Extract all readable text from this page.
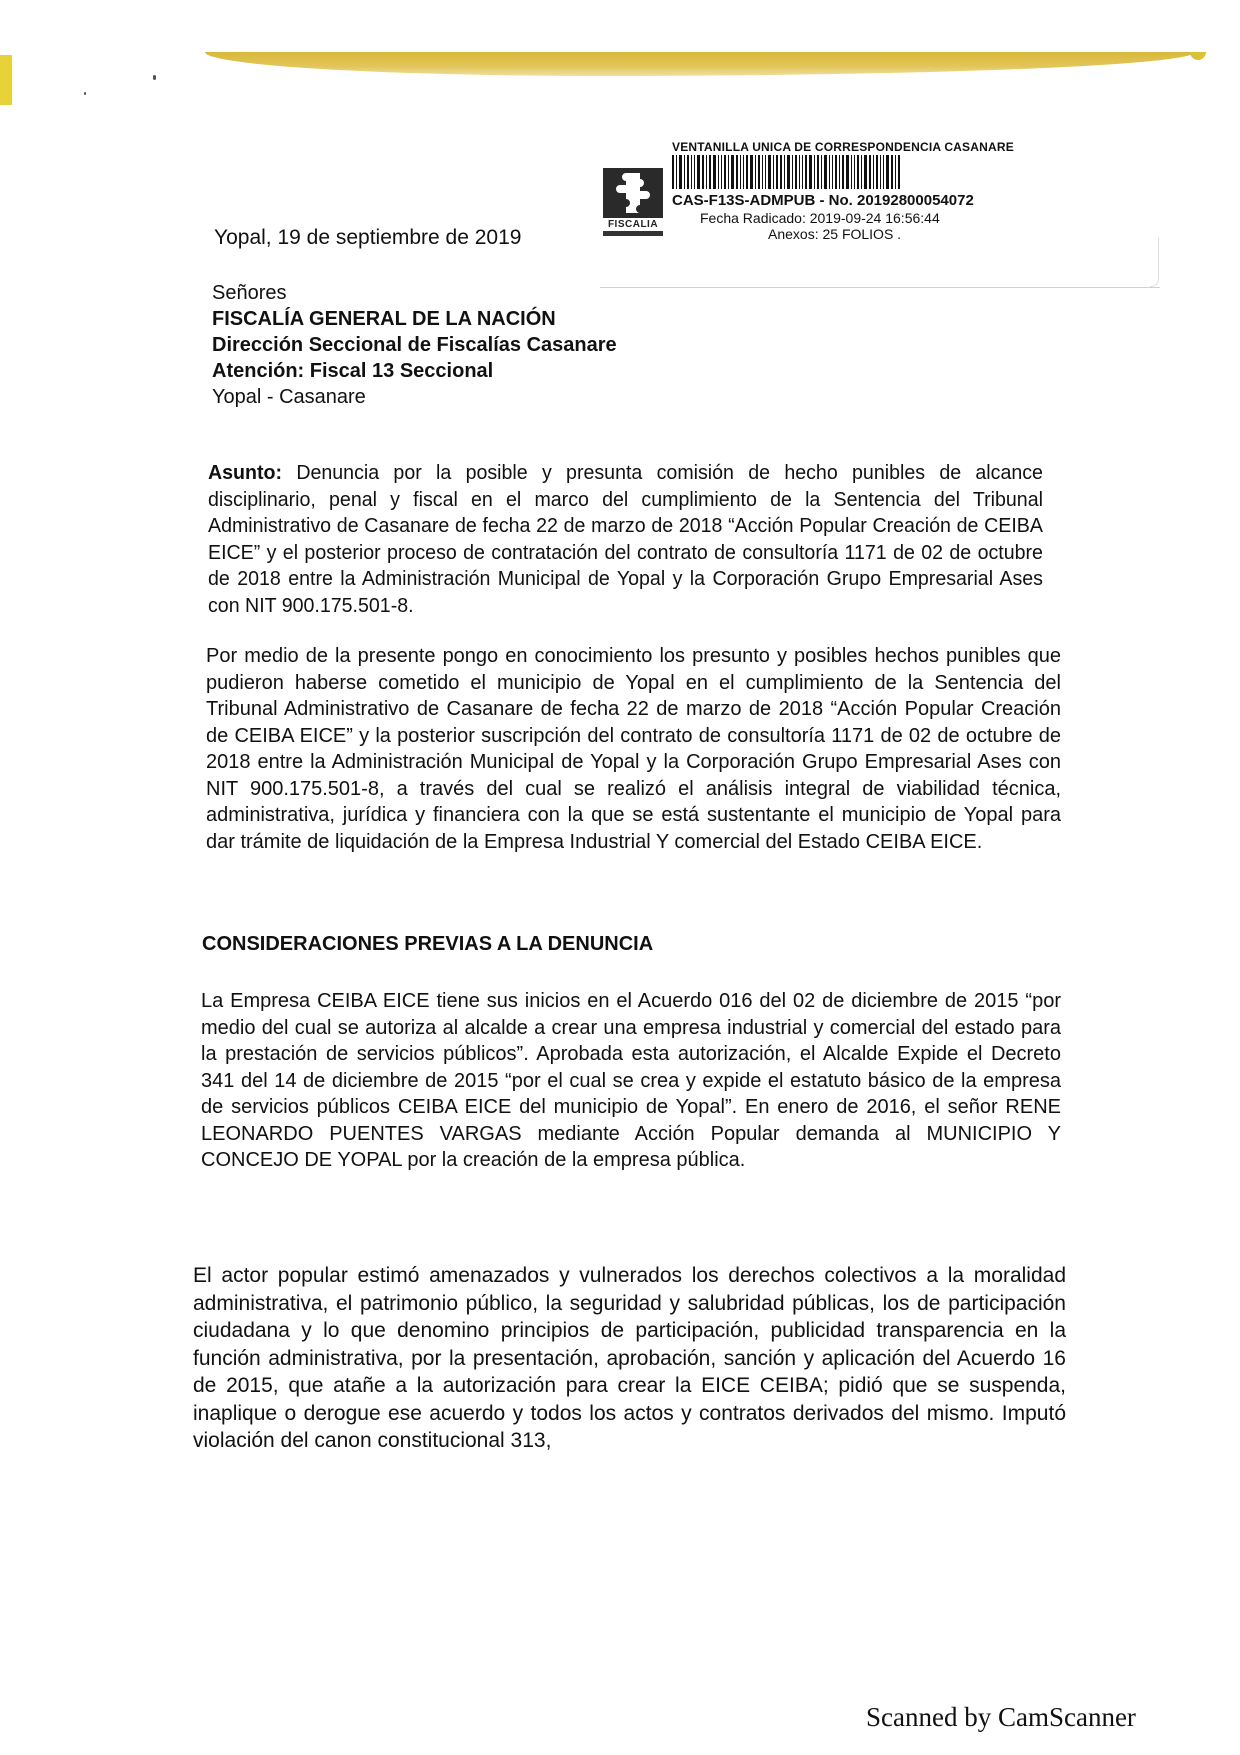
FISCALIA
VENTANILLA UNICA DE CORRESPONDENCIA CASANARE
CAS-F13S-ADMPUB - No. 20192800054072
Fecha Radicado: 2019-09-24 16:56:44
Anexos: 25 FOLIOS .
Yopal, 19 de septiembre de 2019
Señores
FISCALÍA GENERAL DE LA NACIÓN
Dirección Seccional de Fiscalías Casanare
Atención: Fiscal 13 Seccional
Yopal - Casanare
Asunto: Denuncia por la posible y presunta comisión de hecho punibles de alcance disciplinario, penal y fiscal en el marco del cumplimiento de la Sentencia del Tribunal Administrativo de Casanare de fecha 22 de marzo de 2018 “Acción Popular Creación de CEIBA EICE” y el posterior proceso de contratación del contrato de consultoría 1171 de 02 de octubre de 2018 entre la Administración Municipal de Yopal y la Corporación Grupo Empresarial Ases con NIT 900.175.501-8.
Por medio de la presente pongo en conocimiento los presunto y posibles hechos punibles que pudieron haberse cometido el municipio de Yopal en el cumplimiento de la Sentencia del Tribunal Administrativo de Casanare de fecha 22 de marzo de 2018 “Acción Popular Creación de CEIBA EICE” y la posterior suscripción del contrato de consultoría 1171 de 02 de octubre de 2018 entre la Administración Municipal de Yopal y la Corporación Grupo Empresarial Ases con NIT 900.175.501-8, a través del cual se realizó el análisis integral de viabilidad técnica, administrativa, jurídica y financiera con la que se está sustentante el municipio de Yopal para dar trámite de liquidación de la Empresa Industrial Y comercial del Estado CEIBA EICE.
CONSIDERACIONES PREVIAS A LA DENUNCIA
La Empresa CEIBA EICE tiene sus inicios en el Acuerdo 016 del 02 de diciembre de 2015 “por medio del cual se autoriza al alcalde a crear una empresa industrial y comercial del estado para la prestación de servicios públicos”. Aprobada esta autorización, el Alcalde Expide el Decreto 341 del 14 de diciembre de 2015 “por el cual se crea y expide el estatuto básico de la empresa de servicios públicos CEIBA EICE del municipio de Yopal”. En enero de 2016, el señor RENE LEONARDO PUENTES VARGAS mediante Acción Popular demanda al MUNICIPIO Y CONCEJO DE YOPAL por la creación de la empresa pública.
El actor popular estimó amenazados y vulnerados los derechos colectivos a la moralidad administrativa, el patrimonio público, la seguridad y salubridad públicas, los de participación ciudadana y lo que denomino principios de participación, publicidad transparencia en la función administrativa, por la presentación, aprobación, sanción y aplicación del Acuerdo 16 de 2015, que atañe a la autorización para crear la EICE CEIBA; pidió que se suspenda, inaplique o derogue ese acuerdo y todos los actos y contratos derivados del mismo. Imputó violación del canon constitucional 313,
Scanned by CamScanner
